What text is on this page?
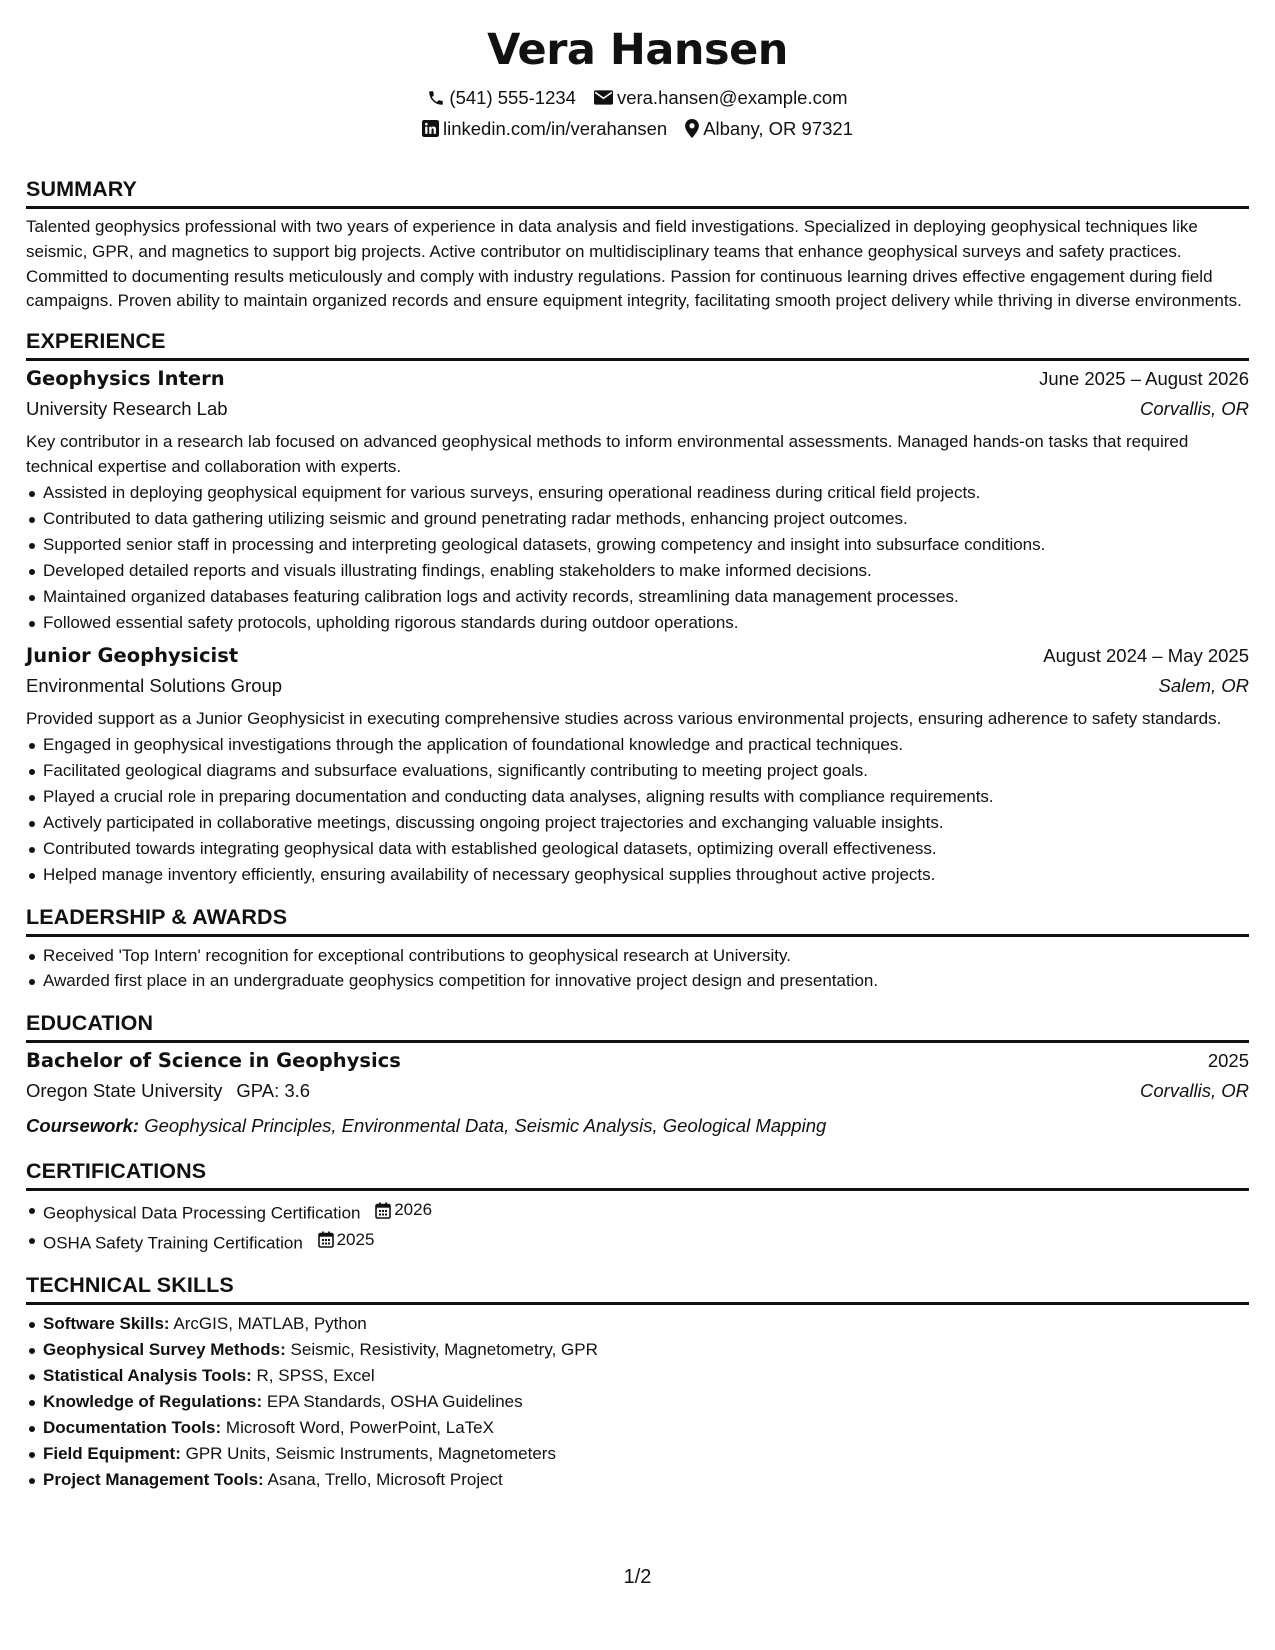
Vera Hansen
(541) 555-1234 vera.hansen@example.com
linkedin.com/in/verahansen Albany, OR 97321
SUMMARY

Talented geophysics professional with two years of experience in data analysis and field investigations. Specialized in deploying geophysical techniques like seismic, GPR, and magnetics to support big projects. Active contributor on multidisciplinary teams that enhance geophysical surveys and safety practices. Committed to documenting results meticulously and comply with industry regulations. Passion for continuous learning drives effective engagement during field campaigns. Proven ability to maintain organized records and ensure equipment integrity, facilitating smooth project delivery while thriving in diverse environments.

EXPERIENCE
Geophysics Intern	June 2025 – August 2026
University Research Lab	Corvallis, OR

Key contributor in a research lab focused on advanced geophysical methods to inform environmental assessments. Managed hands-on tasks that required technical expertise and collaboration with experts.

Assisted in deploying geophysical equipment for various surveys, ensuring operational readiness during critical field projects.
Contributed to data gathering utilizing seismic and ground penetrating radar methods, enhancing project outcomes.
Supported senior staff in processing and interpreting geological datasets, growing competency and insight into subsurface conditions.
Developed detailed reports and visuals illustrating findings, enabling stakeholders to make informed decisions.
Maintained organized databases featuring calibration logs and activity records, streamlining data management processes.
Followed essential safety protocols, upholding rigorous standards during outdoor operations.
Junior Geophysicist	August 2024 – May 2025
Environmental Solutions Group	Salem, OR

Provided support as a Junior Geophysicist in executing comprehensive studies across various environmental projects, ensuring adherence to safety standards.

Engaged in geophysical investigations through the application of foundational knowledge and practical techniques.
Facilitated geological diagrams and subsurface evaluations, significantly contributing to meeting project goals.
Played a crucial role in preparing documentation and conducting data analyses, aligning results with compliance requirements.
Actively participated in collaborative meetings, discussing ongoing project trajectories and exchanging valuable insights.
Contributed towards integrating geophysical data with established geological datasets, optimizing overall effectiveness.
Helped manage inventory efficiently, ensuring availability of necessary geophysical supplies throughout active projects.
LEADERSHIP & AWARDS
Received 'Top Intern' recognition for exceptional contributions to geophysical research at University.
Awarded first place in an undergraduate geophysics competition for innovative project design and presentation.
EDUCATION
Bachelor of Science in Geophysics	2025
Oregon State University GPA: 3.6	Corvallis, OR
Coursework: Geophysical Principles, Environmental Data, Seismic Analysis, Geological Mapping
CERTIFICATIONS
Geophysical Data Processing Certification 2026
OSHA Safety Training Certification 2025
TECHNICAL SKILLS
Software Skills: ArcGIS, MATLAB, Python
Geophysical Survey Methods: Seismic, Resistivity, Magnetometry, GPR
Statistical Analysis Tools: R, SPSS, Excel
Knowledge of Regulations: EPA Standards, OSHA Guidelines
Documentation Tools: Microsoft Word, PowerPoint, LaTeX
Field Equipment: GPR Units, Seismic Instruments, Magnetometers
Project Management Tools: Asana, Trello, Microsoft Project
1/2
